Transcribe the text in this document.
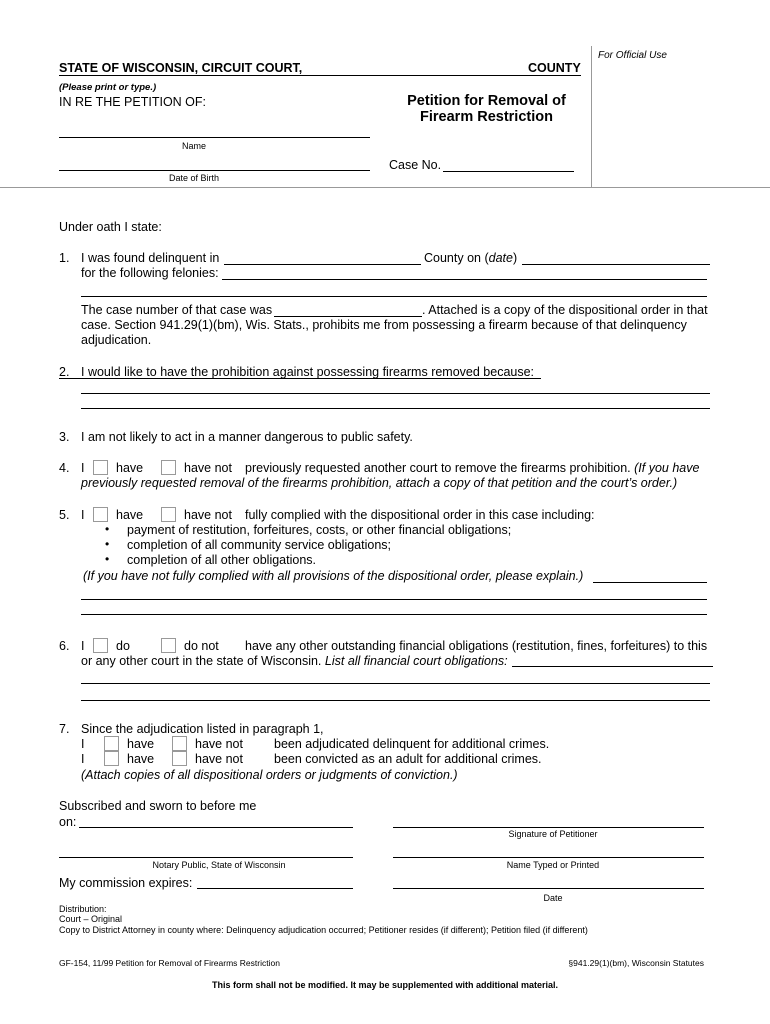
For Official Use
STATE OF WISCONSIN, CIRCUIT COURT,	COUNTY
(Please print or type.)
IN RE THE PETITION OF:	Petition for Removal of
Firearm Restriction
Name
Date of Birth
Case No.
Under oath I state:
1. I was found delinquent in	County on (date)
for the following felonies:
The case number of that case was	. Attached is a copy of the dispositional order in that
case. Section 941.29(1)(bm), Wis. Stats., prohibits me from possessing a firearm because of that delinquency
adjudication.
2. I would like to have the prohibition against possessing firearms removed because:
3. I am not likely to act in a manner dangerous to public safety.
4. I	have	have not previously requested another court to remove the firearms prohibition. (If you have
previously requested removal of the firearms prohibition, attach a copy of that petition and the court’s order.)
5. I	have	have not fully complied with the dispositional order in this case including:
• payment of restitution, forfeitures, costs, or other financial obligations;
• completion of all community service obligations;
• completion of all other obligations.
(If you have not fully complied with all provisions of the dispositional order, please explain.)
6. I	do	do not have any other outstanding financial obligations (restitution, fines, forfeitures) to this
or any other court in the state of Wisconsin. List all financial court obligations:
7. Since the adjudication listed in paragraph 1,
I	have	have not been adjudicated delinquent for additional crimes.
I	have	have not been convicted as an adult for additional crimes.
(Attach copies of all dispositional orders or judgments of conviction.)
Subscribed and sworn to before me
on:
Signature of Petitioner
Notary Public, State of Wisconsin	Name Typed or Printed
My commission expires:
Date
Distribution:
Court – Original
Copy to District Attorney in county where: Delinquency adjudication occurred; Petitioner resides (if different); Petition filed (if different)
GF-154, 11/99 Petition for Removal of Firearms Restriction	§941.29(1)(bm), Wisconsin Statutes
This form shall not be modified. It may be supplemented with additional material.
